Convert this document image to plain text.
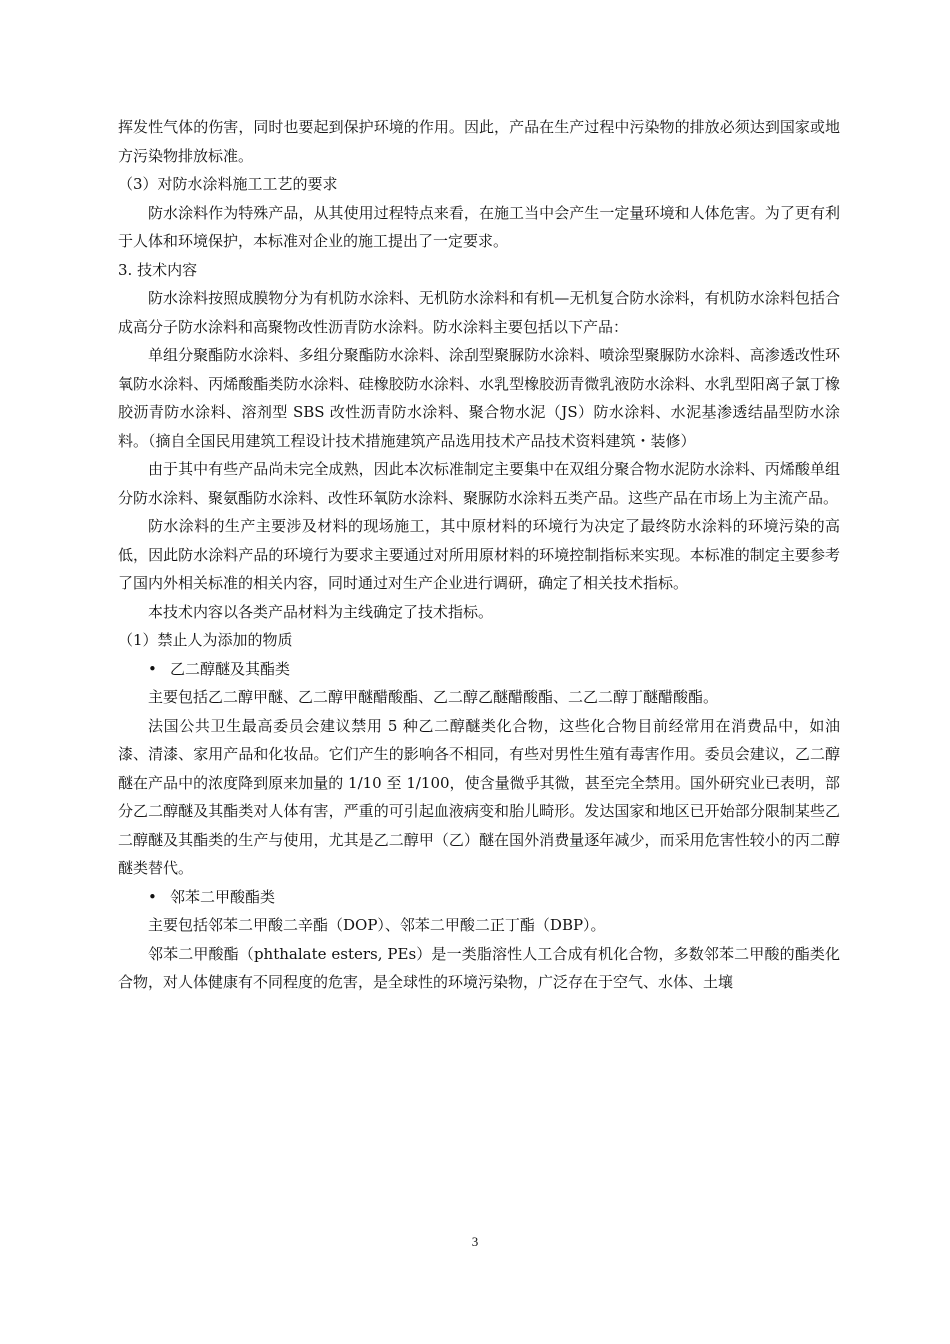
挥发性气体的伤害，同时也要起到保护环境的作用。因此，产品在生产过程中污染物的排放必须达到国家或地方污染物排放标准。

（3）对防水涂料施工工艺的要求

防水涂料作为特殊产品，从其使用过程特点来看，在施工当中会产生一定量环境和人体危害。为了更有利于人体和环境保护，本标准对企业的施工提出了一定要求。

3. 技术内容

防水涂料按照成膜物分为有机防水涂料、无机防水涂料和有机—无机复合防水涂料，有机防水涂料包括合成高分子防水涂料和高聚物改性沥青防水涂料。防水涂料主要包括以下产品：

单组分聚酯防水涂料、多组分聚酯防水涂料、涂刮型聚脲防水涂料、喷涂型聚脲防水涂料、高渗透改性环氧防水涂料、丙烯酸酯类防水涂料、硅橡胶防水涂料、水乳型橡胶沥青微乳液防水涂料、水乳型阳离子氯丁橡胶沥青防水涂料、溶剂型 SBS 改性沥青防水涂料、聚合物水泥（JS）防水涂料、水泥基渗透结晶型防水涂料。（摘自全国民用建筑工程设计技术措施建筑产品选用技术产品技术资料建筑・装修）

由于其中有些产品尚未完全成熟，因此本次标准制定主要集中在双组分聚合物水泥防水涂料、丙烯酸单组分防水涂料、聚氨酯防水涂料、改性环氧防水涂料、聚脲防水涂料五类产品。这些产品在市场上为主流产品。

防水涂料的生产主要涉及材料的现场施工，其中原材料的环境行为决定了最终防水涂料的环境污染的高低，因此防水涂料产品的环境行为要求主要通过对所用原材料的环境控制指标来实现。本标准的制定主要参考了国内外相关标准的相关内容，同时通过对生产企业进行调研，确定了相关技术指标。

本技术内容以各类产品材料为主线确定了技术指标。

（1）禁止人为添加的物质

• 乙二醇醚及其酯类

主要包括乙二醇甲醚、乙二醇甲醚醋酸酯、乙二醇乙醚醋酸酯、二乙二醇丁醚醋酸酯。

法国公共卫生最高委员会建议禁用 5 种乙二醇醚类化合物，这些化合物目前经常用在消费品中，如油漆、清漆、家用产品和化妆品。它们产生的影响各不相同，有些对男性生殖有毒害作用。委员会建议，乙二醇醚在产品中的浓度降到原来加量的 1/10 至 1/100，使含量微乎其微，甚至完全禁用。国外研究业已表明，部分乙二醇醚及其酯类对人体有害，严重的可引起血液病变和胎儿畸形。发达国家和地区已开始部分限制某些乙二醇醚及其酯类的生产与使用，尤其是乙二醇甲（乙）醚在国外消费量逐年减少，而采用危害性较小的丙二醇醚类替代。

• 邻苯二甲酸酯类

主要包括邻苯二甲酸二辛酯（DOP）、邻苯二甲酸二正丁酯（DBP）。

邻苯二甲酸酯（phthalate esters, PEs）是一类脂溶性人工合成有机化合物，多数邻苯二甲酸的酯类化合物，对人体健康有不同程度的危害，是全球性的环境污染物，广泛存在于空气、水体、土壤

3
